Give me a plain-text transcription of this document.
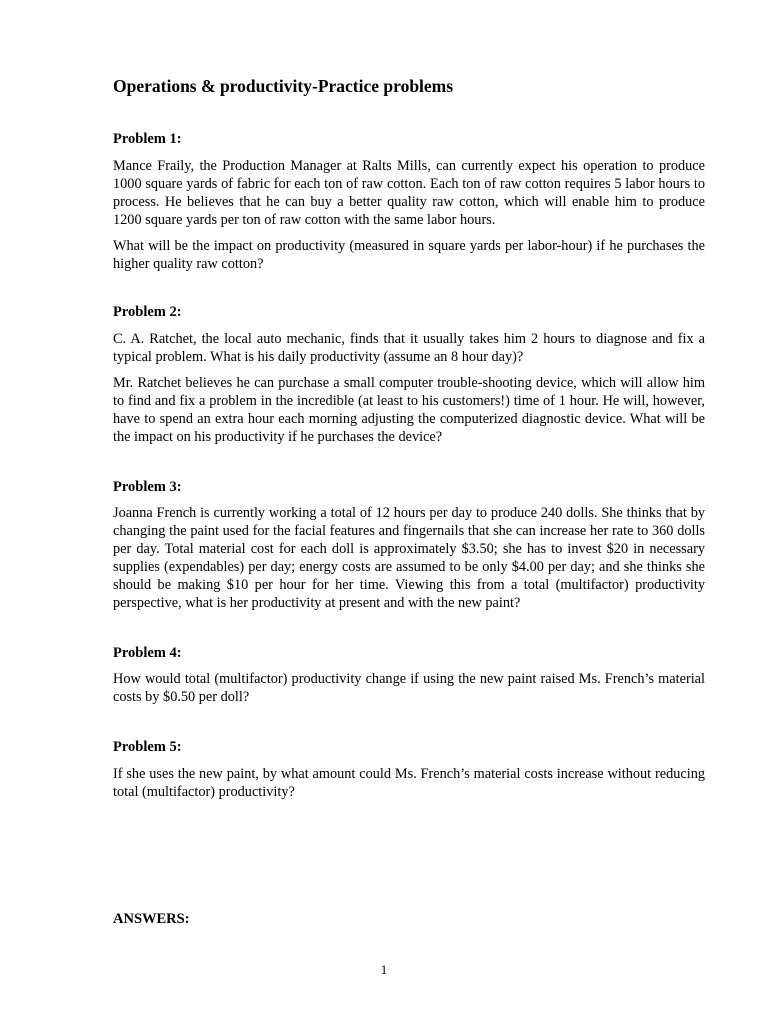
Operations & productivity-Practice problems
Problem 1:

Mance Fraily, the Production Manager at Ralts Mills, can currently expect his operation to produce 1000 square yards of fabric for each ton of raw cotton. Each ton of raw cotton requires 5 labor hours to process. He believes that he can buy a better quality raw cotton, which will enable him to produce 1200 square yards per ton of raw cotton with the same labor hours.

What will be the impact on productivity (measured in square yards per labor-hour) if he purchases the higher quality raw cotton?

Problem 2:

C. A. Ratchet, the local auto mechanic, finds that it usually takes him 2 hours to diagnose and fix a typical problem. What is his daily productivity (assume an 8 hour day)?

Mr. Ratchet believes he can purchase a small computer trouble-shooting device, which will allow him to find and fix a problem in the incredible (at least to his customers!) time of 1 hour. He will, however, have to spend an extra hour each morning adjusting the computerized diagnostic device. What will be the impact on his productivity if he purchases the device?

Problem 3:

Joanna French is currently working a total of 12 hours per day to produce 240 dolls. She thinks that by changing the paint used for the facial features and fingernails that she can increase her rate to 360 dolls per day. Total material cost for each doll is approximately $3.50; she has to invest $20 in necessary supplies (expendables) per day; energy costs are assumed to be only $4.00 per day; and she thinks she should be making $10 per hour for her time. Viewing this from a total (multifactor) productivity perspective, what is her productivity at present and with the new paint?

Problem 4:

How would total (multifactor) productivity change if using the new paint raised Ms. French’s material costs by $0.50 per doll?

Problem 5:

If she uses the new paint, by what amount could Ms. French’s material costs increase without reducing total (multifactor) productivity?

ANSWERS:

1
